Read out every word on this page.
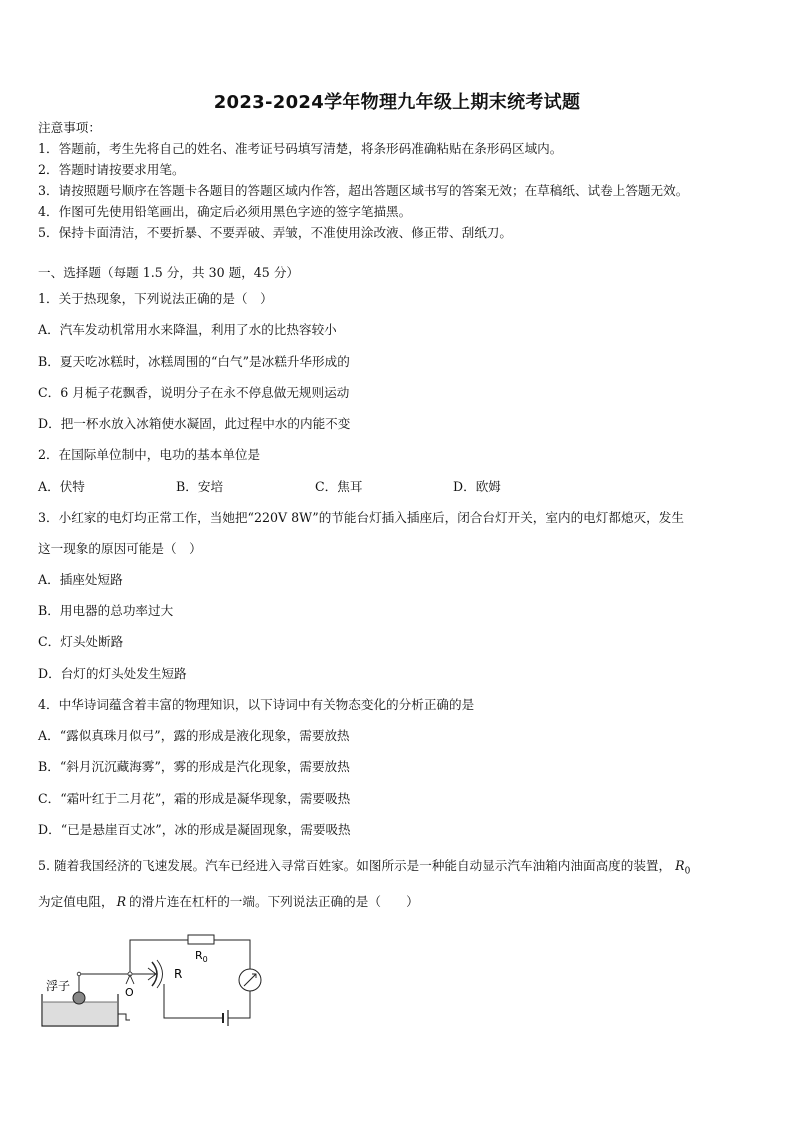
2023-2024学年物理九年级上期末统考试题
注意事项：
1．答题前，考生先将自己的姓名、准考证号码填写清楚，将条形码准确粘贴在条形码区域内。
2．答题时请按要求用笔。
3．请按照题号顺序在答题卡各题目的答题区域内作答，超出答题区域书写的答案无效；在草稿纸、试卷上答题无效。
4．作图可先使用铅笔画出，确定后必须用黑色字迹的签字笔描黑。
5．保持卡面清洁，不要折暴、不要弄破、弄皱，不准使用涂改液、修正带、刮纸刀。
一、选择题（每题 1.5 分，共 30 题，45 分）
1．关于热现象，下列说法正确的是（　）
A．汽车发动机常用水来降温，利用了水的比热容较小
B．夏天吃冰糕时，冰糕周围的“白气”是冰糕升华形成的
C．6 月栀子花飘香，说明分子在永不停息做无规则运动
D．把一杯水放入冰箱使水凝固，此过程中水的内能不变
2．在国际单位制中，电功的基本单位是
A．伏特	B．安培	C．焦耳	D．欧姆
3．小红家的电灯均正常工作，当她把“220V 8W”的节能台灯插入插座后，闭合台灯开关，室内的电灯都熄灭，发生
这一现象的原因可能是（　）
A．插座处短路
B．用电器的总功率过大
C．灯头处断路
D．台灯的灯头处发生短路
4．中华诗词蕴含着丰富的物理知识，以下诗词中有关物态变化的分析正确的是
A．“露似真珠月似弓”，露的形成是液化现象，需要放热
B．“斜月沉沉藏海雾”，雾的形成是汽化现象，需要放热
C．“霜叶红于二月花”，霜的形成是凝华现象，需要吸热
D．“已是悬崖百丈冰”，冰的形成是凝固现象，需要吸热
5. 随着我国经济的飞速发展。汽车已经进入寻常百姓家。如图所示是一种能自动显示汽车油箱内油面高度的装置， $R_0$
为定值电阻， R 的滑片连在杠杆的一端。下列说法正确的是（　　）
浮子	O
R
$R_0$
